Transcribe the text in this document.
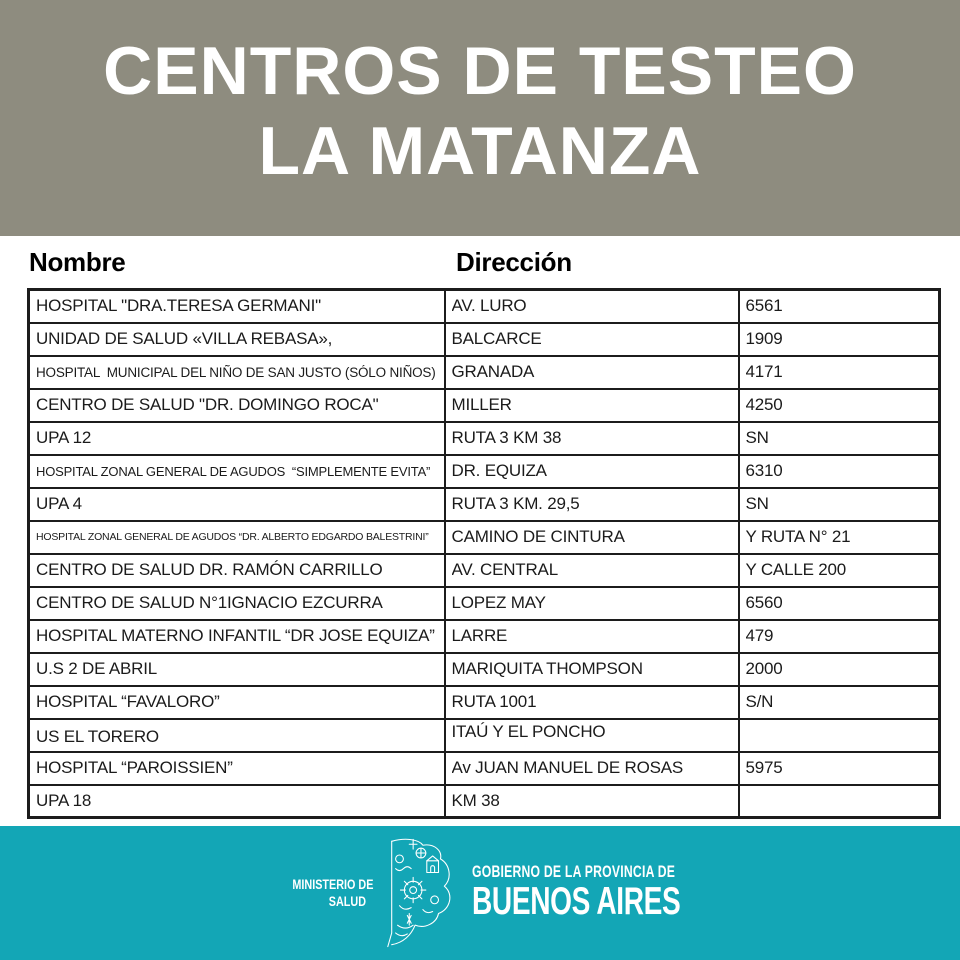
CENTROS DE TESTEO
LA MATANZA
Nombre	Dirección
HOSPITAL "DRA.TERESA GERMANI"	AV. LURO	6561

UNIDAD DE SALUD «VILLA REBASA»,	BALCARCE	1909

HOSPITAL  MUNICIPAL DEL NIÑO DE SAN JUSTO (SÓLO NIÑOS)	GRANADA	4171

CENTRO DE SALUD "DR. DOMINGO ROCA"	MILLER	4250

UPA 12	RUTA 3 KM 38	SN

HOSPITAL ZONAL GENERAL DE AGUDOS  “SIMPLEMENTE EVITA”	DR. EQUIZA	6310

UPA 4	RUTA 3 KM. 29,5	SN

HOSPITAL ZONAL GENERAL DE AGUDOS “DR. ALBERTO EDGARDO BALESTRINI”	CAMINO DE CINTURA	Y RUTA N° 21

CENTRO DE SALUD DR. RAMÓN CARRILLO	AV. CENTRAL	Y CALLE 200

CENTRO DE SALUD N°1IGNACIO EZCURRA	LOPEZ MAY	6560

HOSPITAL MATERNO INFANTIL “DR JOSE EQUIZA”	LARRE	479

U.S 2 DE ABRIL	MARIQUITA THOMPSON	2000

HOSPITAL “FAVALORO”	RUTA 1001	S/N

US EL TORERO	ITAÚ Y EL PONCHO	

HOSPITAL “PAROISSIEN”	Av JUAN MANUEL DE ROSAS	5975

UPA 18	KM 38	

MINISTERIO DE
SALUD
GOBIERNO DE LA PROVINCIA DE
BUENOS AIRES
